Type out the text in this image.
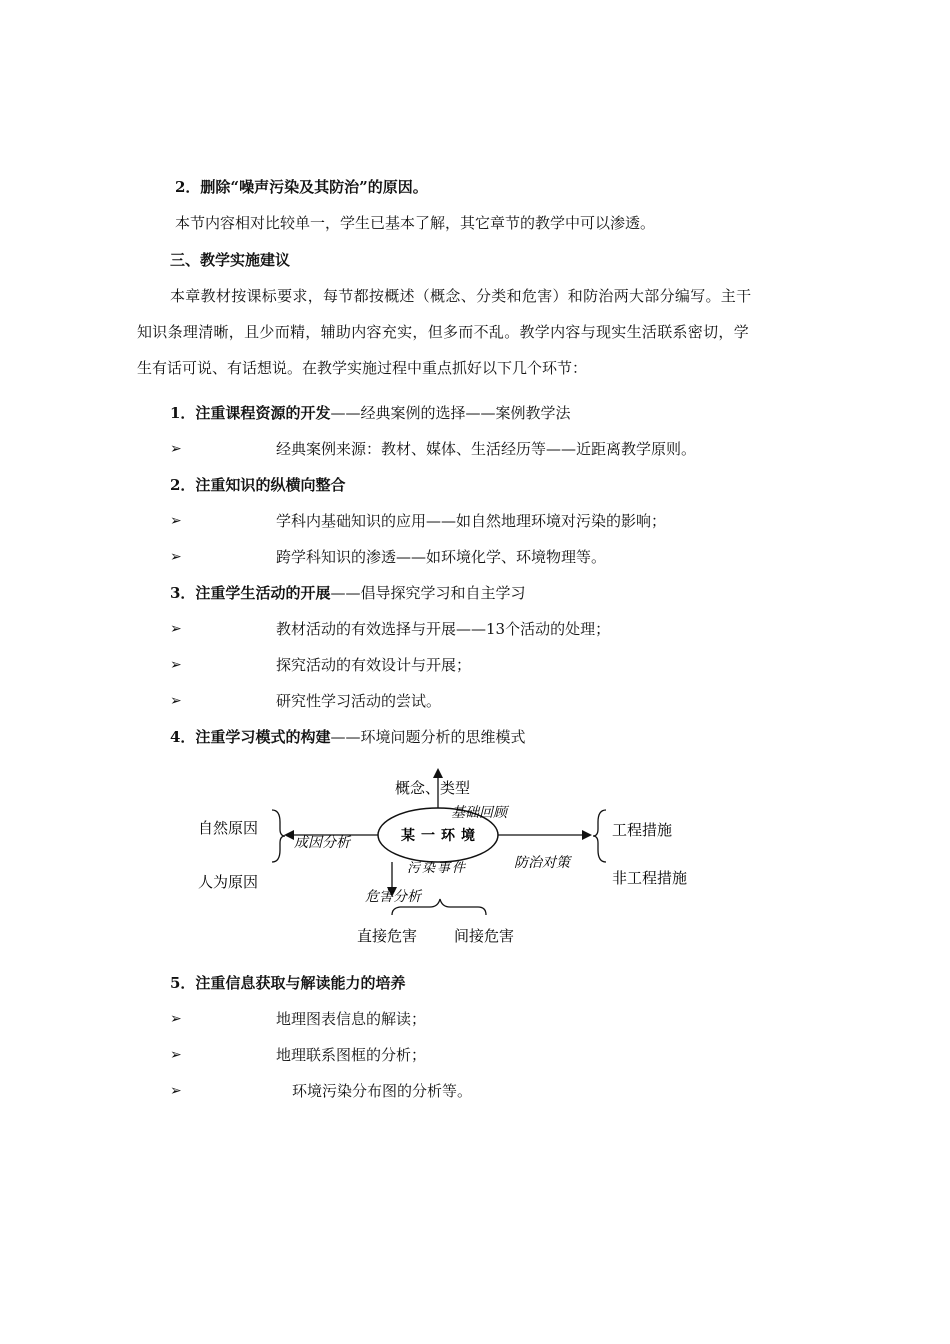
2．删除“噪声污染及其防治”的原因。
本节内容相对比较单一，学生已基本了解，其它章节的教学中可以渗透。
三、教学实施建议
本章教材按课标要求，每节都按概述（概念、分类和危害）和防治两大部分编写。主干
知识条理清晰，且少而精，辅助内容充实，但多而不乱。教学内容与现实生活联系密切，学
生有话可说、有话想说。在教学实施过程中重点抓好以下几个环节：
1．注重课程资源的开发——经典案例的选择——案例教学法
➢	经典案例来源：教材、媒体、生活经历等——近距离教学原则。
2．注重知识的纵横向整合
➢	学科内基础知识的应用——如自然地理环境对污染的影响；
➢	跨学科知识的渗透——如环境化学、环境物理等。
3．注重学生活动的开展——倡导探究学习和自主学习
➢	教材活动的有效选择与开展——13个活动的处理；
➢	探究活动的有效设计与开展；
➢	研究性学习活动的尝试。
4．注重学习模式的构建——环境问题分析的思维模式
某一环境
概念、类型
基础回顾
成因分析
自然原因
人为原因
防治对策
工程措施
非工程措施
污染事件
危害分析
直接危害 间接危害
5．注重信息获取与解读能力的培养
➢	地理图表信息的解读；
➢	地理联系图框的分析；
➢	环境污染分布图的分析等。
